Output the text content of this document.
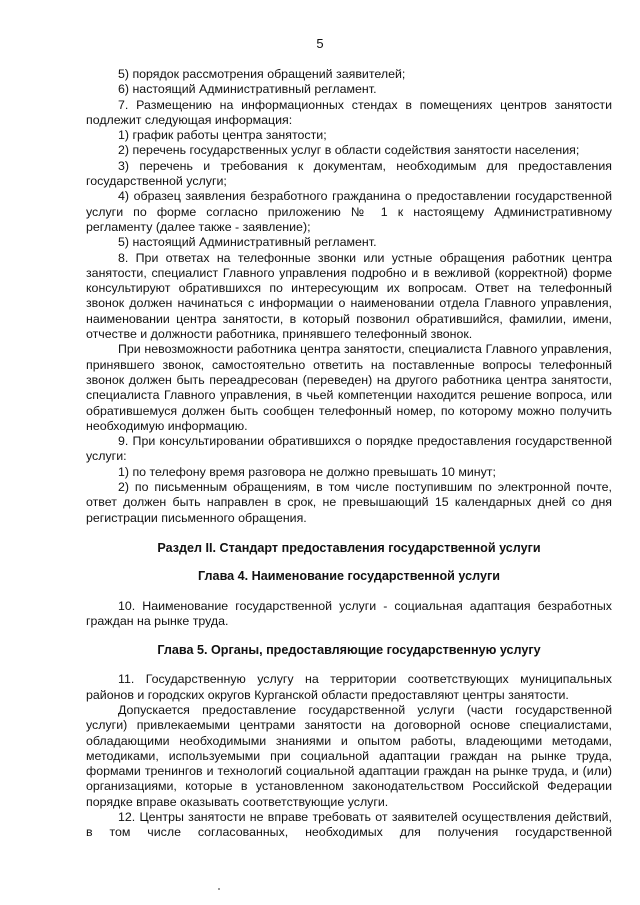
5

5) порядок рассмотрения обращений заявителей;

6) настоящий Административный регламент.

7. Размещению на информационных стендах в помещениях центров занятости подлежит следующая информация:

1) график работы центра занятости;

2) перечень государственных услуг в области содействия занятости населения;

3) перечень и требования к документам, необходимым для предоставления государственной услуги;

4) образец заявления безработного гражданина о предоставлении государственной услуги по форме согласно приложению № 1 к настоящему Административному регламенту (далее также - заявление);

5) настоящий Административный регламент.

8. При ответах на телефонные звонки или устные обращения работник центра занятости, специалист Главного управления подробно и в вежливой (корректной) форме консультируют обратившихся по интересующим их вопросам. Ответ на телефонный звонок должен начинаться с информации о наименовании отдела Главного управления, наименовании центра занятости, в который позвонил обратившийся, фамилии, имени, отчестве и должности работника, принявшего телефонный звонок.

При невозможности работника центра занятости, специалиста Главного управления, принявшего звонок, самостоятельно ответить на поставленные вопросы телефонный звонок должен быть переадресован (переведен) на другого работника центра занятости, специалиста Главного управления, в чьей компетенции находится решение вопроса, или обратившемуся должен быть сообщен телефонный номер, по которому можно получить необходимую информацию.

9. При консультировании обратившихся о порядке предоставления государственной услуги:

1) по телефону время разговора не должно превышать 10 минут;

2) по письменным обращениям, в том числе поступившим по электронной почте, ответ должен быть направлен в срок, не превышающий 15 календарных дней со дня регистрации письменного обращения.

Раздел II. Стандарт предоставления государственной услуги
Глава 4. Наименование государственной услуги

10. Наименование государственной услуги - социальная адаптация безработных граждан на рынке труда.

Глава 5. Органы, предоставляющие государственную услугу

11. Государственную услугу на территории соответствующих муниципальных районов и городских округов Курганской области предоставляют центры занятости.

Допускается предоставление государственной услуги (части государственной услуги) привлекаемыми центрами занятости на договорной основе специалистами, обладающими необходимыми знаниями и опытом работы, владеющими методами, методиками, используемыми при социальной адаптации граждан на рынке труда, формами тренингов и технологий социальной адаптации граждан на рынке труда, и (или) организациями, которые в установленном законодательством Российской Федерации порядке вправе оказывать соответствующие услуги.

12. Центры занятости не вправе требовать от заявителей осуществления действий, в том числе согласованных, необходимых для получения государственной
